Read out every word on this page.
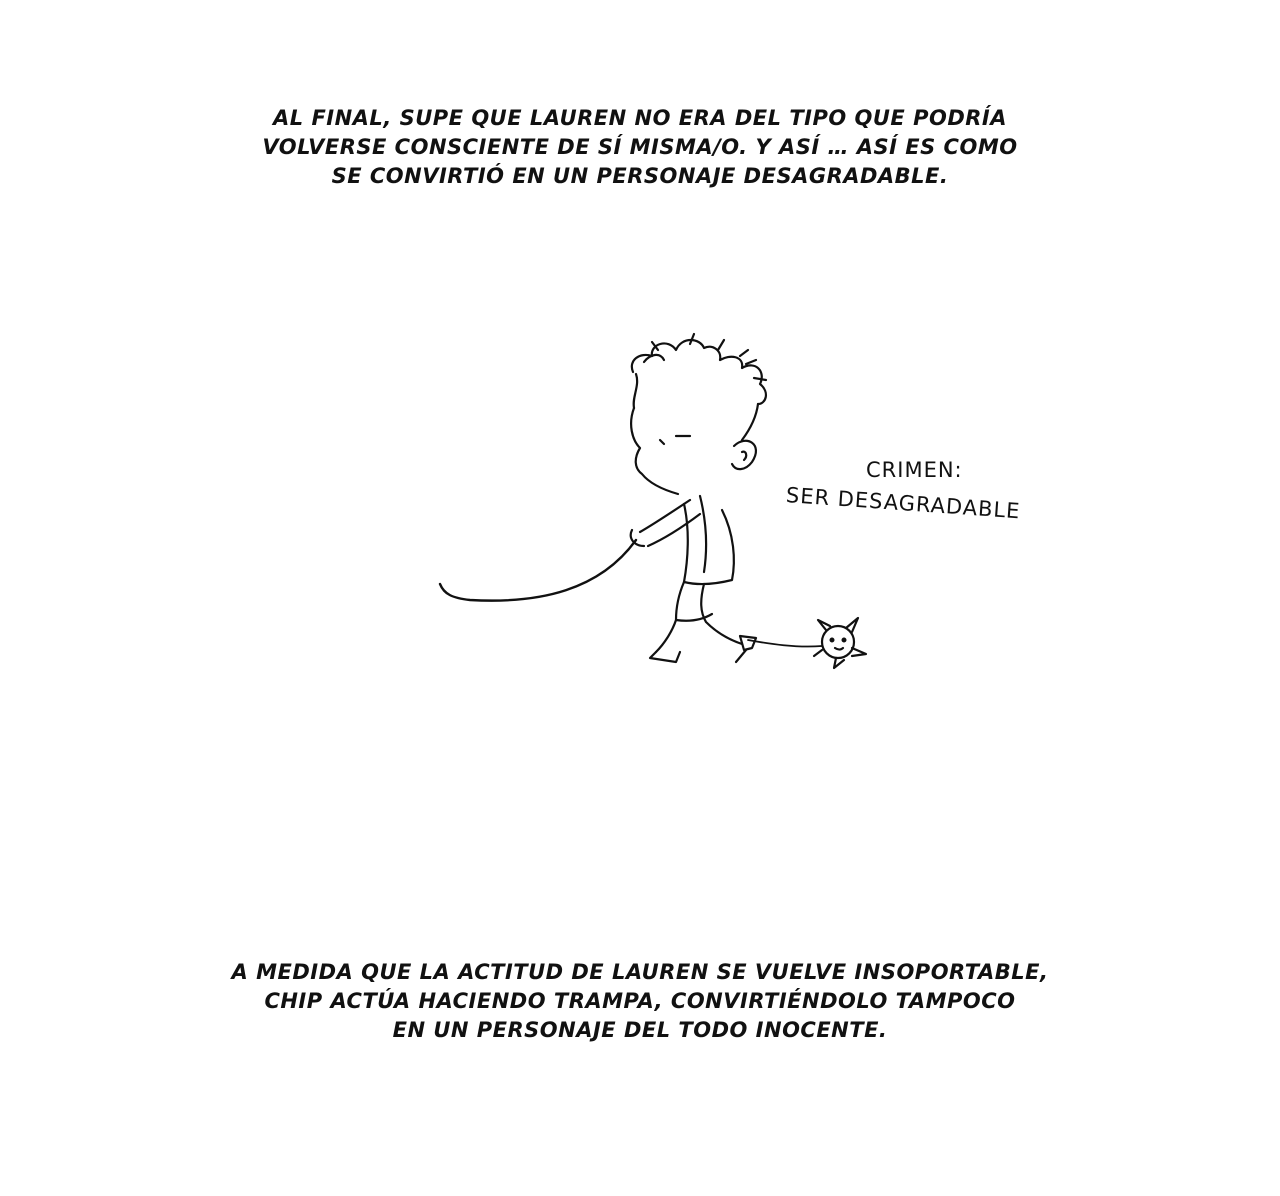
AL FINAL, SUPE QUE LAUREN NO ERA DEL TIPO QUE PODRÍA
VOLVERSE CONSCIENTE DE SÍ MISMA/O. Y ASÍ … ASÍ ES COMO
SE CONVIRTIÓ EN UN PERSONAJE DESAGRADABLE.
CRIMEN:
SER DESAGRADABLE
A MEDIDA QUE LA ACTITUD DE LAUREN SE VUELVE INSOPORTABLE,
CHIP ACTÚA HACIENDO TRAMPA, CONVIRTIÉNDOLO TAMPOCO
EN UN PERSONAJE DEL TODO INOCENTE.
